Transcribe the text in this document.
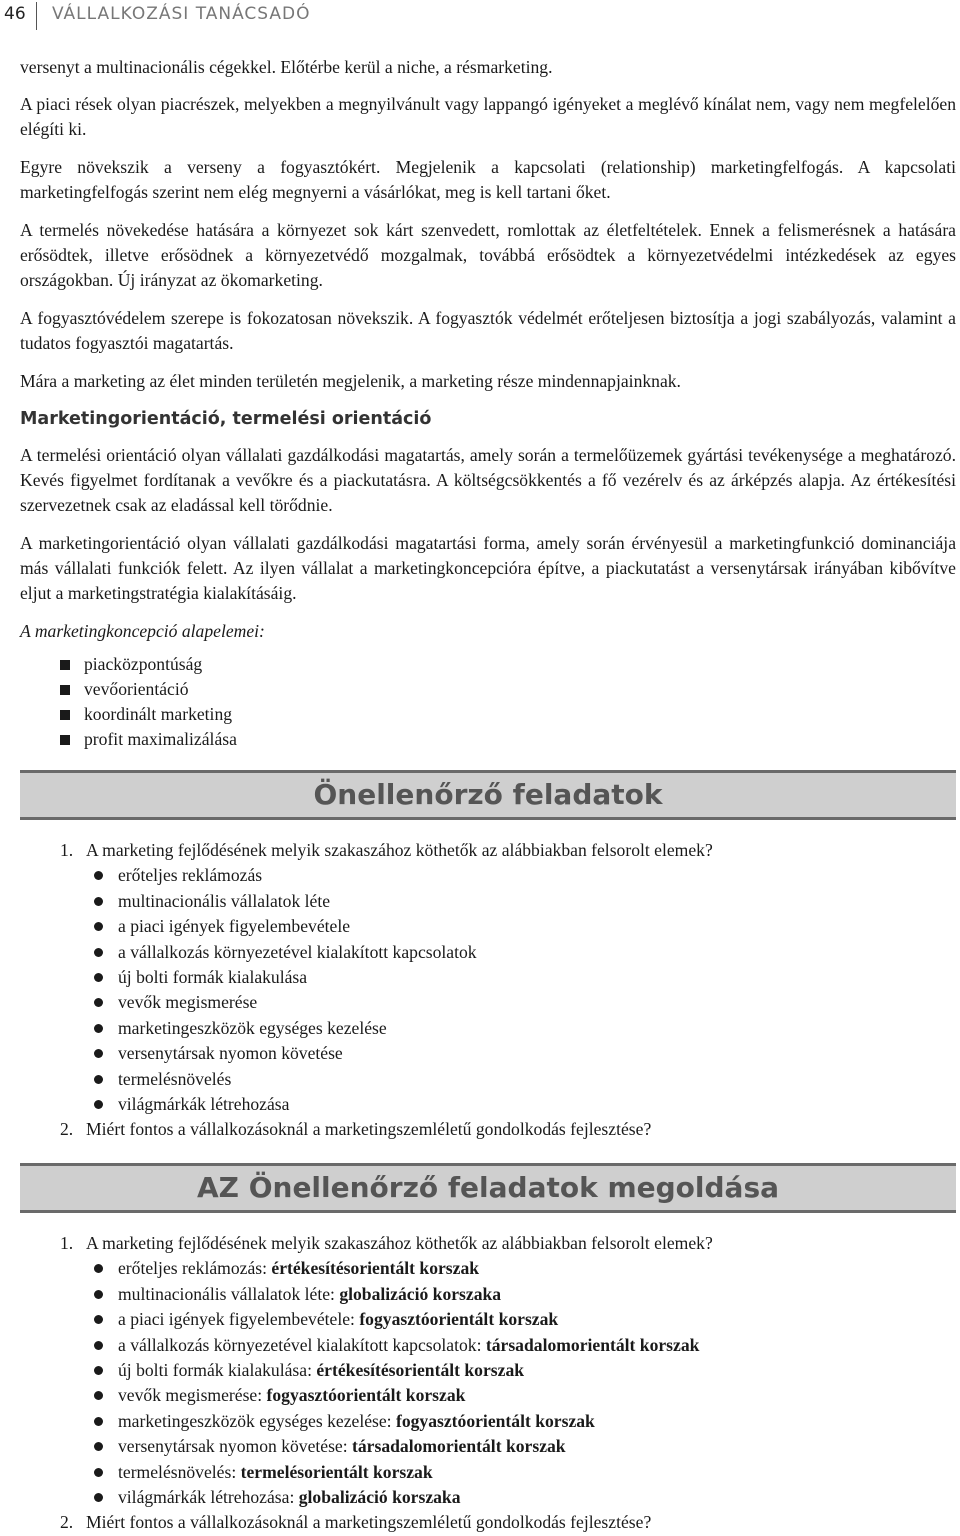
46 VÁLLALKOZÁSI TANÁCSADÓ

versenyt a multinacionális cégekkel. Előtérbe kerül a niche, a résmarketing.

A piaci rések olyan piacrészek, melyekben a megnyilvánult vagy lappangó igényeket a meglévő kínálat nem, vagy nem megfelelően elégíti ki.

Egyre növekszik a verseny a fogyasztókért. Megjelenik a kapcsolati (relationship) marketingfelfogás. A kapcsolati marketingfelfogás szerint nem elég megnyerni a vásárlókat, meg is kell tartani őket.

A termelés növekedése hatására a környezet sok kárt szenvedett, romlottak az életfeltételek. Ennek a felismerésnek a hatására erősödtek, illetve erősödnek a környezetvédő mozgalmak, továbbá erősödtek a környezetvédelmi intézkedések az egyes országokban. Új irányzat az ökomarketing.

A fogyasztóvédelem szerepe is fokozatosan növekszik. A fogyasztók védelmét erőteljesen biztosítja a jogi szabályozás, valamint a tudatos fogyasztói magatartás.

Mára a marketing az élet minden területén megjelenik, a marketing része mindennapjainknak.

Marketingorientáció, termelési orientáció

A termelési orientáció olyan vállalati gazdálkodási magatartás, amely során a termelőüzemek gyártási tevékenysége a meghatározó. Kevés figyelmet fordítanak a vevőkre és a piackutatásra. A költségcsökkentés a fő vezérelv és az árképzés alapja. Az értékesítési szervezetnek csak az eladással kell törődnie.

A marketingorientáció olyan vállalati gazdálkodási magatartási forma, amely során érvényesül a marketingfunkció dominanciája más vállalati funkciók felett. Az ilyen vállalat a marketingkoncepcióra építve, a piackutatást a versenytársak irányában kibővítve eljut a marketingstratégia kialakításáig.

A marketingkoncepció alapelemei:

piacközpontúság
vevőorientáció
koordinált marketing
profit maximalizálása
Önellenőrző feladatok
1. A marketing fejlődésének melyik szakaszához köthetők az alábbiakban felsorolt elemek?
erőteljes reklámozás
multinacionális vállalatok léte
a piaci igények figyelembevétele
a vállalkozás környezetével kialakított kapcsolatok
új bolti formák kialakulása
vevők megismerése
marketingeszközök egységes kezelése
versenytársak nyomon követése
termelésnövelés
világmárkák létrehozása
2. Miért fontos a vállalkozásoknál a marketingszemléletű gondolkodás fejlesztése?
AZ Önellenőrző feladatok megoldása
1. A marketing fejlődésének melyik szakaszához köthetők az alábbiakban felsorolt elemek?
erőteljes reklámozás: értékesítésorientált korszak
multinacionális vállalatok léte: globalizáció korszaka
a piaci igények figyelembevétele: fogyasztóorientált korszak
a vállalkozás környezetével kialakított kapcsolatok: társadalomorientált korszak
új bolti formák kialakulása: értékesítésorientált korszak
vevők megismerése: fogyasztóorientált korszak
marketingeszközök egységes kezelése: fogyasztóorientált korszak
versenytársak nyomon követése: társadalomorientált korszak
termelésnövelés: termelésorientált korszak
világmárkák létrehozása: globalizáció korszaka
2. Miért fontos a vállalkozásoknál a marketingszemléletű gondolkodás fejlesztése?
